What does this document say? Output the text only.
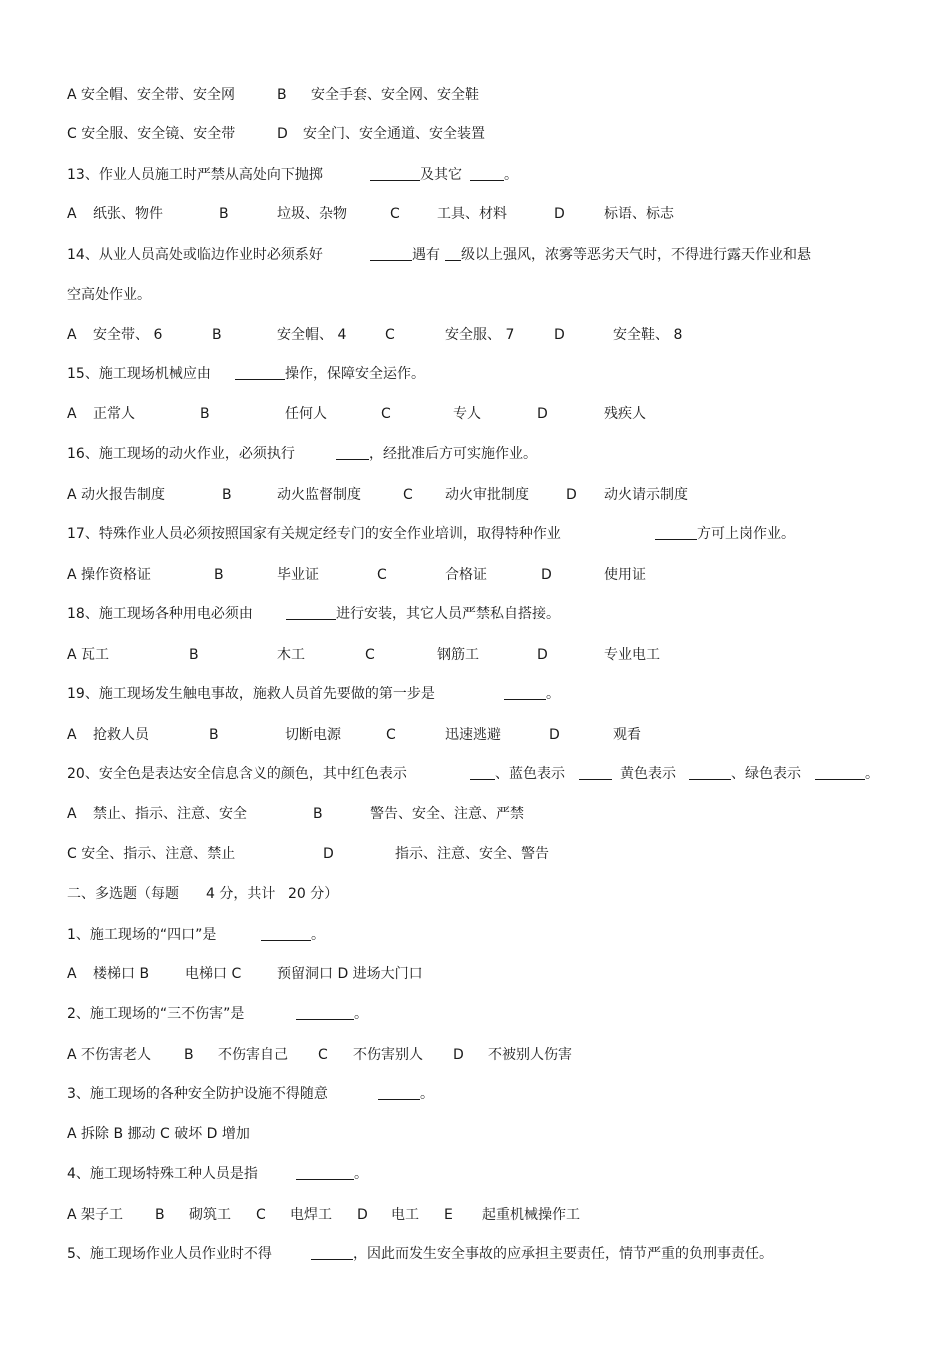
A 安全帽、安全带、安全网	B 安全手套、安全网、安全鞋
C 安全服、安全镜、安全带	D 安全门、安全通道、安全装置
13、作业人员施工时严禁从高处向下抛掷	及其它	。
A 纸张、物件	B	垃圾、杂物	C	工具、材料	D	标语、标志
14、从业人员高处或临边作业时必须系好	遇有 级以上强风，浓雾等恶劣天气时，不得进行露天作业和悬
空高处作业。
A 安全带、 6	B	安全帽、 4	C	安全服、 7	D	安全鞋、 8
15、施工现场机械应由	操作，保障安全运作。
A 正常人	B	任何人	C	专人	D	残疾人
16、施工现场的动火作业，必须执行	，经批准后方可实施作业。
A 动火报告制度	B	动火监督制度	C 动火审批制度	D 动火请示制度
17、特殊作业人员必须按照国家有关规定经专门的安全作业培训，取得特种作业	方可上岗作业。
A 操作资格证	B	毕业证	C	合格证	D	使用证
18、施工现场各种用电必须由	进行安装，其它人员严禁私自搭接。
A 瓦工	B	木工	C	钢筋工	D	专业电工
19、施工现场发生触电事故，施救人员首先要做的第一步是	。
A 抢救人员	B	切断电源	C	迅速逃避	D	观看
20、安全色是表达安全信息含义的颜色，其中红色表示	、蓝色表示	黄色表示	、绿色表示	。
A 禁止、指示、注意、安全	B	警告、安全、注意、严禁
C 安全、指示、注意、禁止	D	指示、注意、安全、警告
二、多选题（每题 4 分，共计 20 分）
1、施工现场的“四口”是	。
A 楼梯口 B	电梯口 C	预留洞口 D 进场大门口
2、施工现场的“三不伤害”是	。
A 不伤害老人 B 不伤害自己 C 不伤害别人 D 不被别人伤害
3、施工现场的各种安全防护设施不得随意	。
A 拆除 B 挪动 C 破坏 D 增加
4、施工现场特殊工种人员是指	。
A 架子工 B 砌筑工 C 电焊工 D 电工 E 起重机械操作工
5、施工现场作业人员作业时不得	，因此而发生安全事故的应承担主要责任，情节严重的负刑事责任。
